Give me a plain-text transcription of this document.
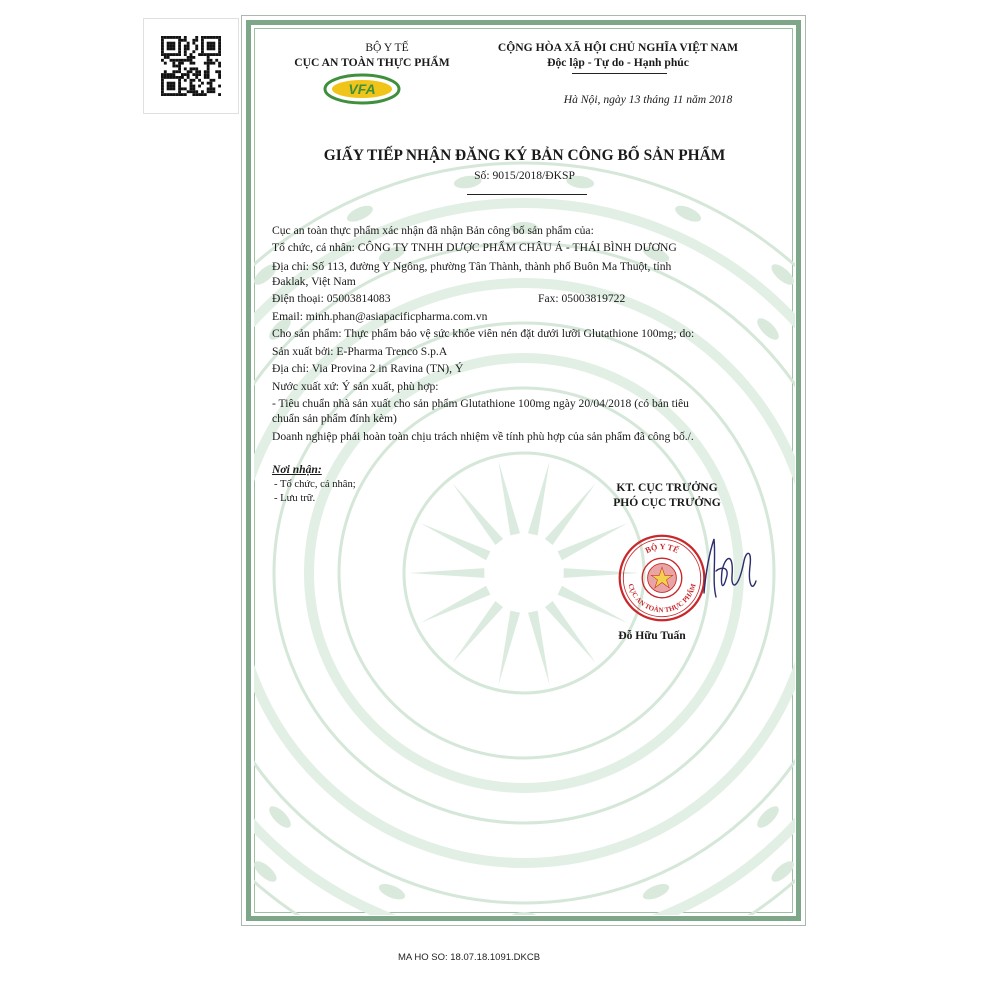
BỘ Y TẾ
CỤC AN TOÀN THỰC PHẨM
VFA
CỘNG HÒA XÃ HỘI CHỦ NGHĨA VIỆT NAM
Độc lập - Tự do - Hạnh phúc
Hà Nội, ngày 13 tháng 11 năm 2018
GIẤY TIẾP NHẬN ĐĂNG KÝ BẢN CÔNG BỐ SẢN PHẨM
Số: 9015/2018/ĐKSP
Cục an toàn thực phẩm xác nhận đã nhận Bản công bố sản phẩm của:
Tổ chức, cá nhân: CÔNG TY TNHH DƯỢC PHẨM CHÂU Á - THÁI BÌNH DƯƠNG
Địa chỉ: Số 113, đường Y Ngông, phường Tân Thành, thành phố Buôn Ma Thuột, tỉnh
Đaklak, Việt Nam
Điện thoại: 05003814083	Fax: 05003819722
Email: minh.phan@asiapacificpharma.com.vn
Cho sản phẩm: Thực phẩm bảo vệ sức khỏe viên nén đặt dưới lưỡi Glutathione 100mg; do:
Sản xuất bởi: E-Pharma Trenco S.p.A
Địa chỉ: Via Provina 2 in Ravina (TN), Ý
Nước xuất xứ: Ý sản xuất, phù hợp:
- Tiêu chuẩn nhà sản xuất cho sản phẩm Glutathione 100mg ngày 20/04/2018 (có bản tiêu
chuẩn sản phẩm đính kèm)
Doanh nghiệp phải hoàn toàn chịu trách nhiệm về tính phù hợp của sản phẩm đã công bố./.
Nơi nhận:
- Tổ chức, cá nhân;
- Lưu trữ.
KT. CỤC TRƯỞNG
PHÓ CỤC TRƯỞNG
BỘ Y TẾ
CỤC AN TOÀN THỰC PHẨM
Đỗ Hữu Tuấn
MA HO SO: 18.07.18.1091.DKCB
